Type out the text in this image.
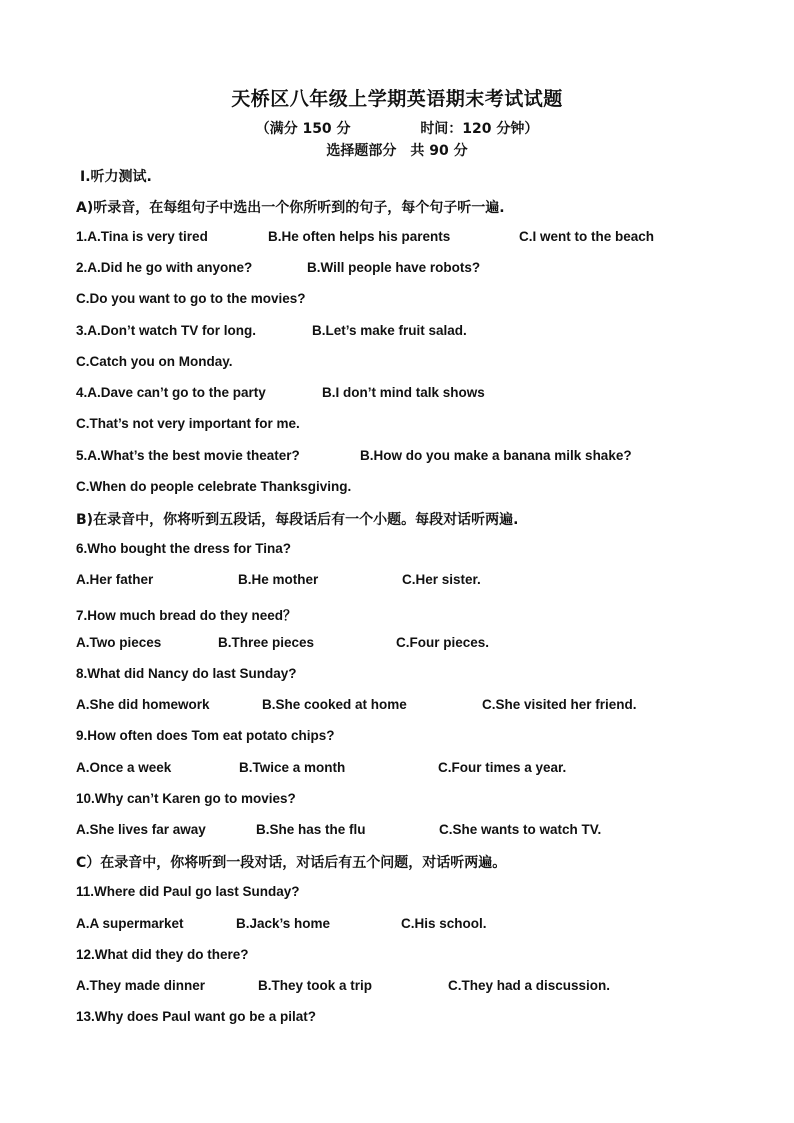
天桥区八年级上学期英语期末考试试题
（满分 150 分	时间：120 分钟）
选择题部分　共 90 分
Ⅰ.听力测试.
A)听录音，在每组句子中选出一个你所听到的句子，每个句子听一遍.
1.A.Tina is very tired	B.He often helps his parents	C.I went to the beach
2.A.Did he go with anyone?	B.Will people have robots?
C.Do you want to go to the movies?
3.A.Don’t watch TV for long.	B.Let’s make fruit salad.
C.Catch you on Monday.
4.A.Dave can’t go to the party	B.I don’t mind talk shows
C.That’s not very important for me.
5.A.What’s the best movie theater?	B.How do you make a banana milk shake?
C.When do people celebrate Thanksgiving.
B)在录音中，你将听到五段话，每段话后有一个小题。每段对话听两遍.
6.Who bought the dress for Tina?
A.Her father	B.He mother	C.Her sister.
7.How much bread do they need？
A.Two pieces	B.Three pieces	C.Four pieces.
8.What did Nancy do last Sunday?
A.She did homework	B.She cooked at home	C.She visited her friend.
9.How often does Tom eat potato chips?
A.Once a week	B.Twice a month	C.Four times a year.
10.Why can’t Karen go to movies?
A.She lives far away	B.She has the flu	C.She wants to watch TV.
C）在录音中，你将听到一段对话，对话后有五个问题，对话听两遍。
11.Where did Paul go last Sunday?
A.A supermarket	B.Jack’s home	C.His school.
12.What did they do there?
A.They made dinner	B.They took a trip	C.They had a discussion.
13.Why does Paul want go be a pilat?
